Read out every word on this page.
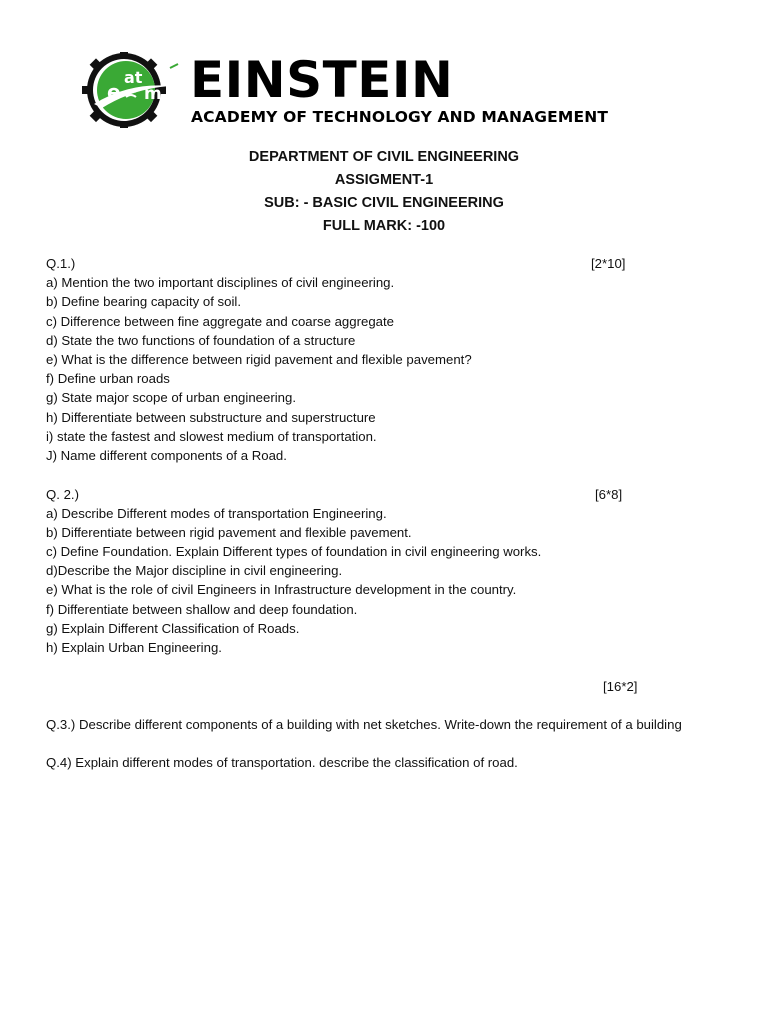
e
at
m EINSTEIN
ACADEMY OF TECHNOLOGY AND MANAGEMENT
DEPARTMENT OF CIVIL ENGINEERING
ASSIGMENT-1
SUB: - BASIC CIVIL ENGINEERING
FULL MARK: -100
Q.1.)	[2*10]
a) Mention the two important disciplines of civil engineering.
b) Define bearing capacity of soil.
c) Difference between fine aggregate and coarse aggregate
d) State the two functions of foundation of a structure
e) What is the difference between rigid pavement and flexible pavement?
f) Define urban roads
g) State major scope of urban engineering.
h) Differentiate between substructure and superstructure
i) state the fastest and slowest medium of transportation.
J) Name different components of a Road.
Q. 2.)	[6*8]
a) Describe Different modes of transportation Engineering.
b) Differentiate between rigid pavement and flexible pavement.
c) Define Foundation. Explain Different types of foundation in civil engineering works.
d)Describe the Major discipline in civil engineering.
e) What is the role of civil Engineers in Infrastructure development in the country.
f) Differentiate between shallow and deep foundation.
g) Explain Different Classification of Roads.
h) Explain Urban Engineering.
[16*2]
Q.3.) Describe different components of a building with net sketches. Write-down the requirement of a building
Q.4) Explain different modes of transportation. describe the classification of road.
